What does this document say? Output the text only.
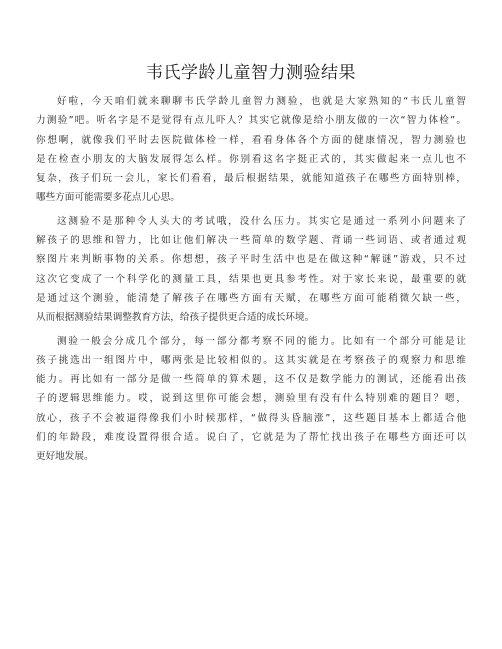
韦氏学龄儿童智力测验结果
好啦，今天咱们就来聊聊韦氏学龄儿童智力测验，也就是大家熟知的“韦氏儿童智
力测验”吧。听名字是不是觉得有点儿吓人？其实它就像是给小朋友做的一次“智力体检”。
你想啊，就像我们平时去医院做体检一样，看看身体各个方面的健康情况，智力测验也
是在检查小朋友的大脑发展得怎么样。你别看这名字挺正式的，其实做起来一点儿也不
复杂，孩子们玩一会儿，家长们看看，最后根据结果，就能知道孩子在哪些方面特别棒，
哪些方面可能需要多花点儿心思。
这测验不是那种令人头大的考试哦，没什么压力。其实它是通过一系列小问题来了
解孩子的思维和智力，比如让他们解决一些简单的数学题、背诵一些词语、或者通过观
察图片来判断事物的关系。你想想，孩子平时生活中也是在做这种“解谜”游戏，只不过
这次它变成了一个科学化的测量工具，结果也更具参考性。对于家长来说，最重要的就
是通过这个测验，能清楚了解孩子在哪些方面有天赋，在哪些方面可能稍微欠缺一些，
从而根据测验结果调整教育方法，给孩子提供更合适的成长环境。
测验一般会分成几个部分，每一部分都考察不同的能力。比如有一个部分可能是让
孩子挑选出一组图片中，哪两张是比较相似的。这其实就是在考察孩子的观察力和思维
能力。再比如有一部分是做一些简单的算术题，这不仅是数学能力的测试，还能看出孩
子的逻辑思维能力。哎，说到这里你可能会想，测验里有没有什么特别难的题目？嗯，
放心，孩子不会被逼得像我们小时候那样，“做得头昏脑涨”，这些题目基本上都适合他
们的年龄段，难度设置得很合适。说白了，它就是为了帮忙找出孩子在哪些方面还可以
更好地发展。
